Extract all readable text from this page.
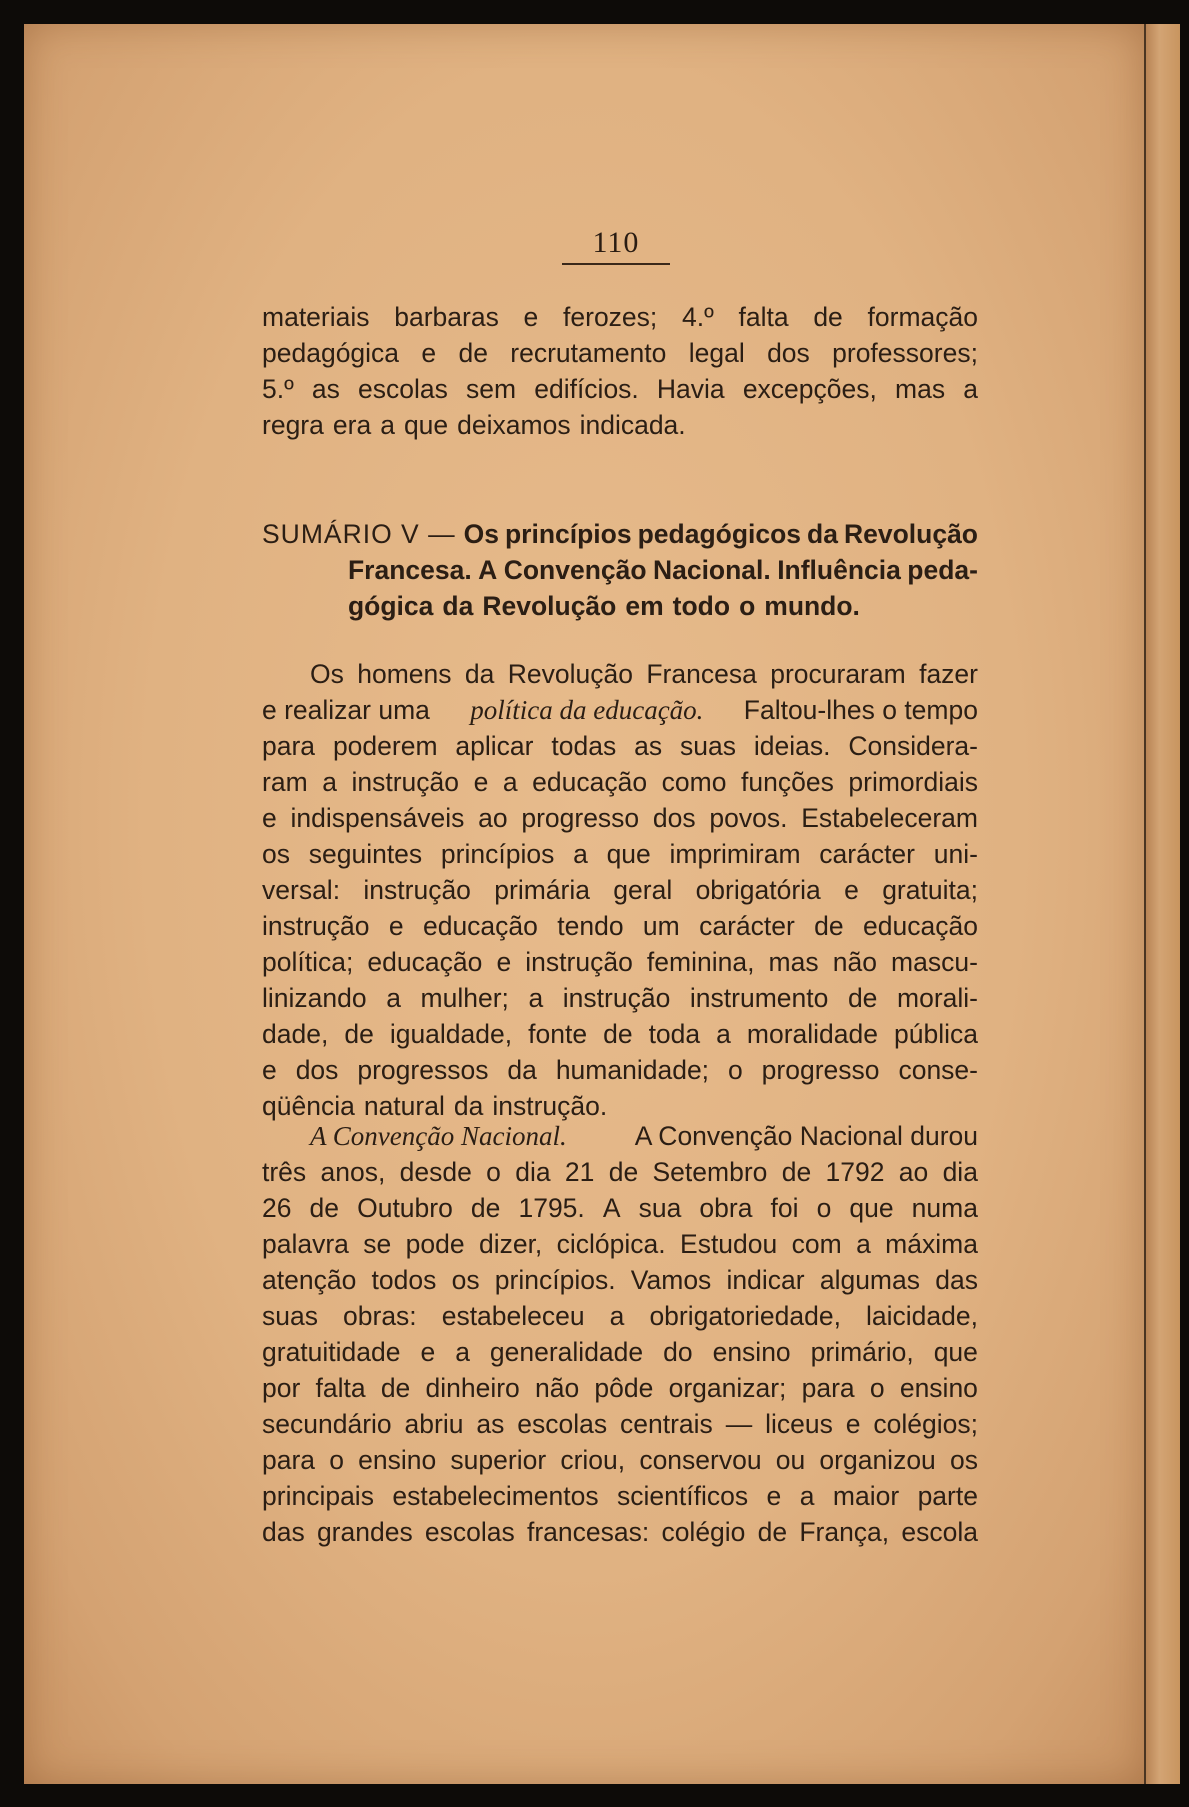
110
materiais barbaras e ferozes; 4.º falta de formação
pedagógica e de recrutamento legal dos professores;
5.º as escolas sem edifícios. Havia excepções, mas a
regra era a que deixamos indicada.
SUMÁRIO V — Os princípios pedagógicos da Revolução
Francesa. A Convenção Nacional. Influência peda-
gógica da Revolução em todo o mundo.
Os homens da Revolução Francesa procuraram fazer
e realizar uma política da educação. Faltou-lhes o tempo
para poderem aplicar todas as suas ideias. Considera-
ram a instrução e a educação como funções primordiais
e indispensáveis ao progresso dos povos. Estabeleceram
os seguintes princípios a que imprimiram carácter uni-
versal: instrução primária geral obrigatória e gratuita;
instrução e educação tendo um carácter de educação
política; educação e instrução feminina, mas não mascu-
linizando a mulher; a instrução instrumento de morali-
dade, de igualdade, fonte de toda a moralidade pública
e dos progressos da humanidade; o progresso conse-
qüência natural da instrução.
A Convenção Nacional.	A Convenção Nacional durou
três anos, desde o dia 21 de Setembro de 1792 ao dia
26 de Outubro de 1795. A sua obra foi o que numa
palavra se pode dizer, ciclópica. Estudou com a máxima
atenção todos os princípios. Vamos indicar algumas das
suas obras: estabeleceu a obrigatoriedade, laicidade,
gratuitidade e a generalidade do ensino primário, que
por falta de dinheiro não pôde organizar; para o ensino
secundário abriu as escolas centrais — liceus e colégios;
para o ensino superior criou, conservou ou organizou os
principais estabelecimentos scientíficos e a maior parte
das grandes escolas francesas: colégio de França, escola
